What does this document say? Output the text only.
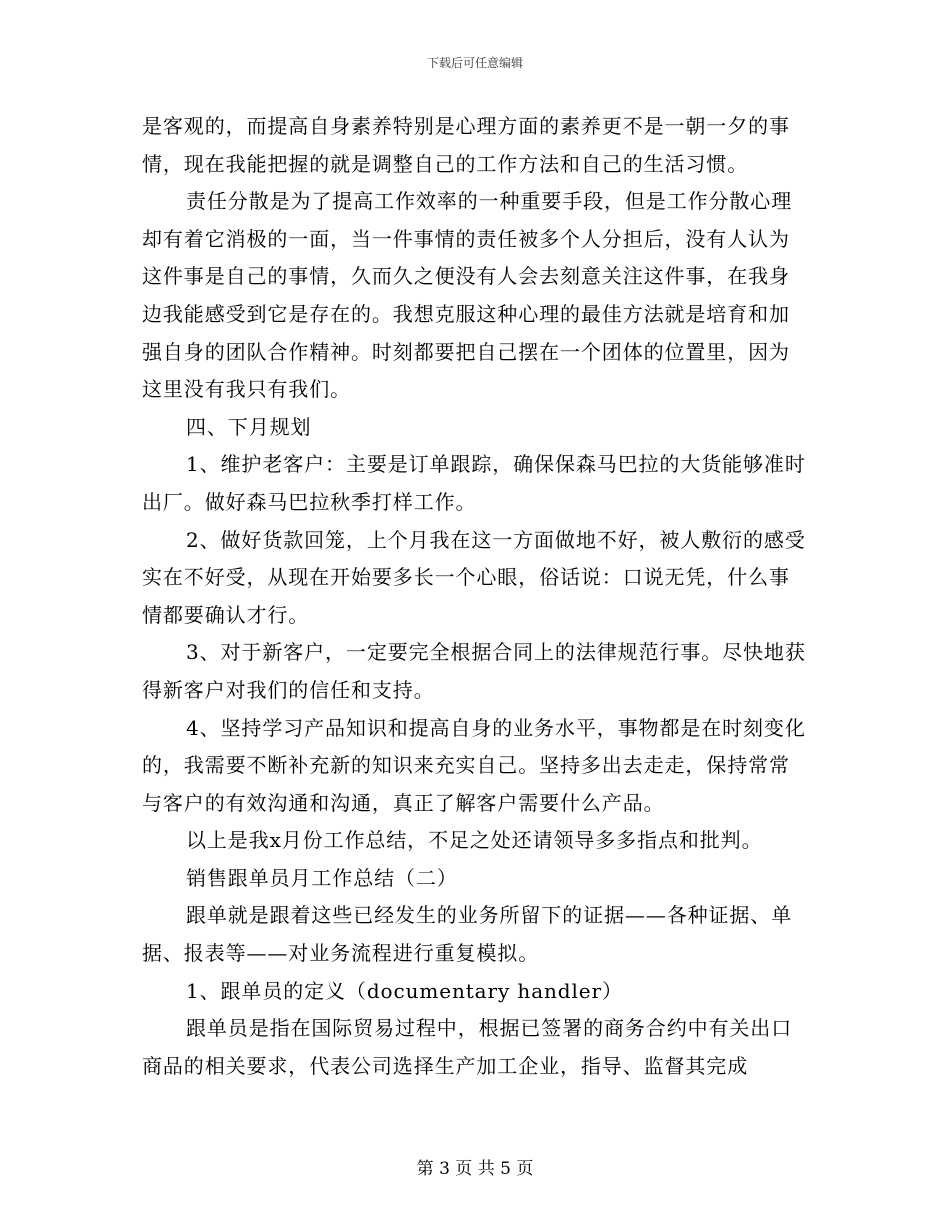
下载后可任意编辑

是客观的，而提高自身素养特别是心理方面的素养更不是一朝一夕的事情，现在我能把握的就是调整自己的工作方法和自己的生活习惯。

责任分散是为了提高工作效率的一种重要手段，但是工作分散心理却有着它消极的一面，当一件事情的责任被多个人分担后，没有人认为这件事是自己的事情，久而久之便没有人会去刻意关注这件事，在我身边我能感受到它是存在的。我想克服这种心理的最佳方法就是培育和加强自身的团队合作精神。时刻都要把自己摆在一个团体的位置里，因为这里没有我只有我们。

四、下月规划

1、维护老客户：主要是订单跟踪，确保保森马巴拉的大货能够准时出厂。做好森马巴拉秋季打样工作。

2、做好货款回笼，上个月我在这一方面做地不好，被人敷衍的感受实在不好受，从现在开始要多长一个心眼，俗话说：口说无凭，什么事情都要确认才行。

3、对于新客户，一定要完全根据合同上的法律规范行事。尽快地获得新客户对我们的信任和支持。

4、坚持学习产品知识和提高自身的业务水平，事物都是在时刻变化的，我需要不断补充新的知识来充实自己。坚持多出去走走，保持常常与客户的有效沟通和沟通，真正了解客户需要什么产品。

以上是我x月份工作总结，不足之处还请领导多多指点和批判。

销售跟单员月工作总结（二）

跟单就是跟着这些已经发生的业务所留下的证据——各种证据、单据、报表等——对业务流程进行重复模拟。

1、跟单员的定义（documentary handler）

跟单员是指在国际贸易过程中，根据已签署的商务合约中有关出口商品的相关要求，代表公司选择生产加工企业，指导、监督其完成

第 3 页 共 5 页
